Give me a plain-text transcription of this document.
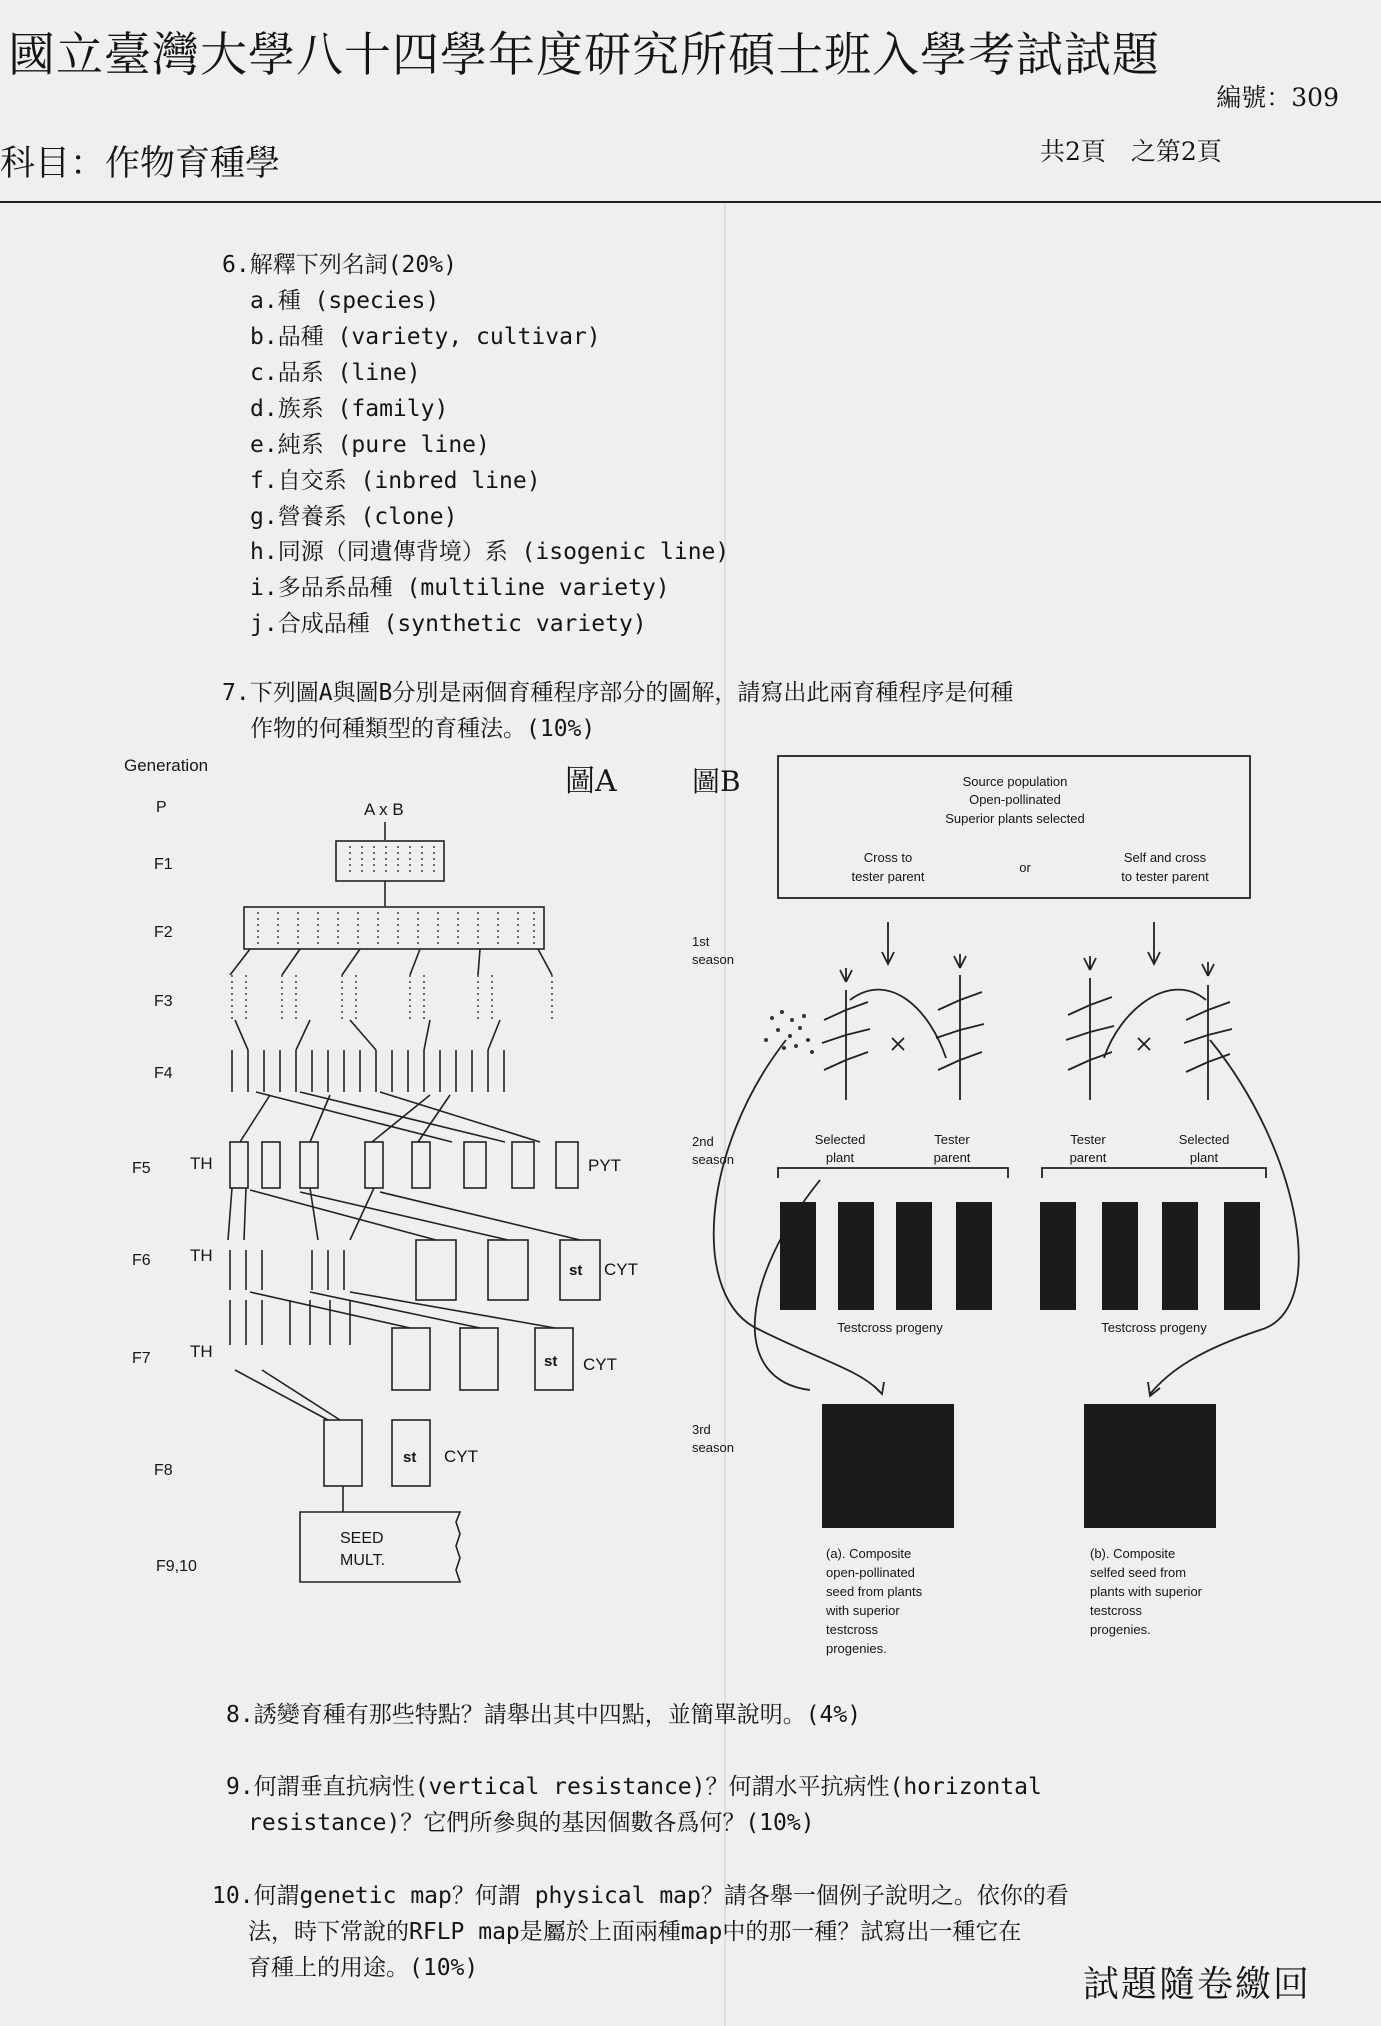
國立臺灣大學八十四學年度研究所碩士班入學考試試題
編號：309
科目：作物育種學	共2頁　之第2頁
6.解釋下列名詞(20%)
a.種 (species)
b.品種 (variety, cultivar)
c.品系 (line)
d.族系 (family)
e.純系 (pure line)
f.自交系 (inbred line)
g.營養系 (clone)
h.同源（同遺傳背境）系 (isogenic line)
i.多品系品種 (multiline variety)
j.合成品種 (synthetic variety)
7.下列圖A與圖B分別是兩個育種程序部分的圖解，請寫出此兩育種程序是何種
作物的何種類型的育種法。(10%)
Generation	圖A	圖B
P
F1
F2
F3
F4
F5
F6
F7
F8
F9,10
A x B
TH
TH
TH
PYT
CYT
CYT
CYT
st
st
st
SEED
MULT.
Source population
Open-pollinated
Superior plants selected
Cross to
tester parent
or
Self and cross
to tester parent
1st
season
2nd
season
3rd
season
Selected
plant
Tester
parent
Tester
parent
Selected
plant
Testcross progeny	Testcross progeny
(a). Composite
open-pollinated
seed from plants
with superior
testcross
progenies.
(b). Composite
selfed seed from
plants with superior
testcross
progenies.
8.誘變育種有那些特點？請舉出其中四點，並簡單說明。(4%)
9.何謂垂直抗病性(vertical resistance)？何謂水平抗病性(horizontal
resistance)？它們所參與的基因個數各爲何？(10%)
10.何謂genetic map？何謂 physical map？請各舉一個例子說明之。依你的看
法，時下常說的RFLP map是屬於上面兩種map中的那一種？試寫出一種它在
育種上的用途。(10%)	試題隨卷繳回
